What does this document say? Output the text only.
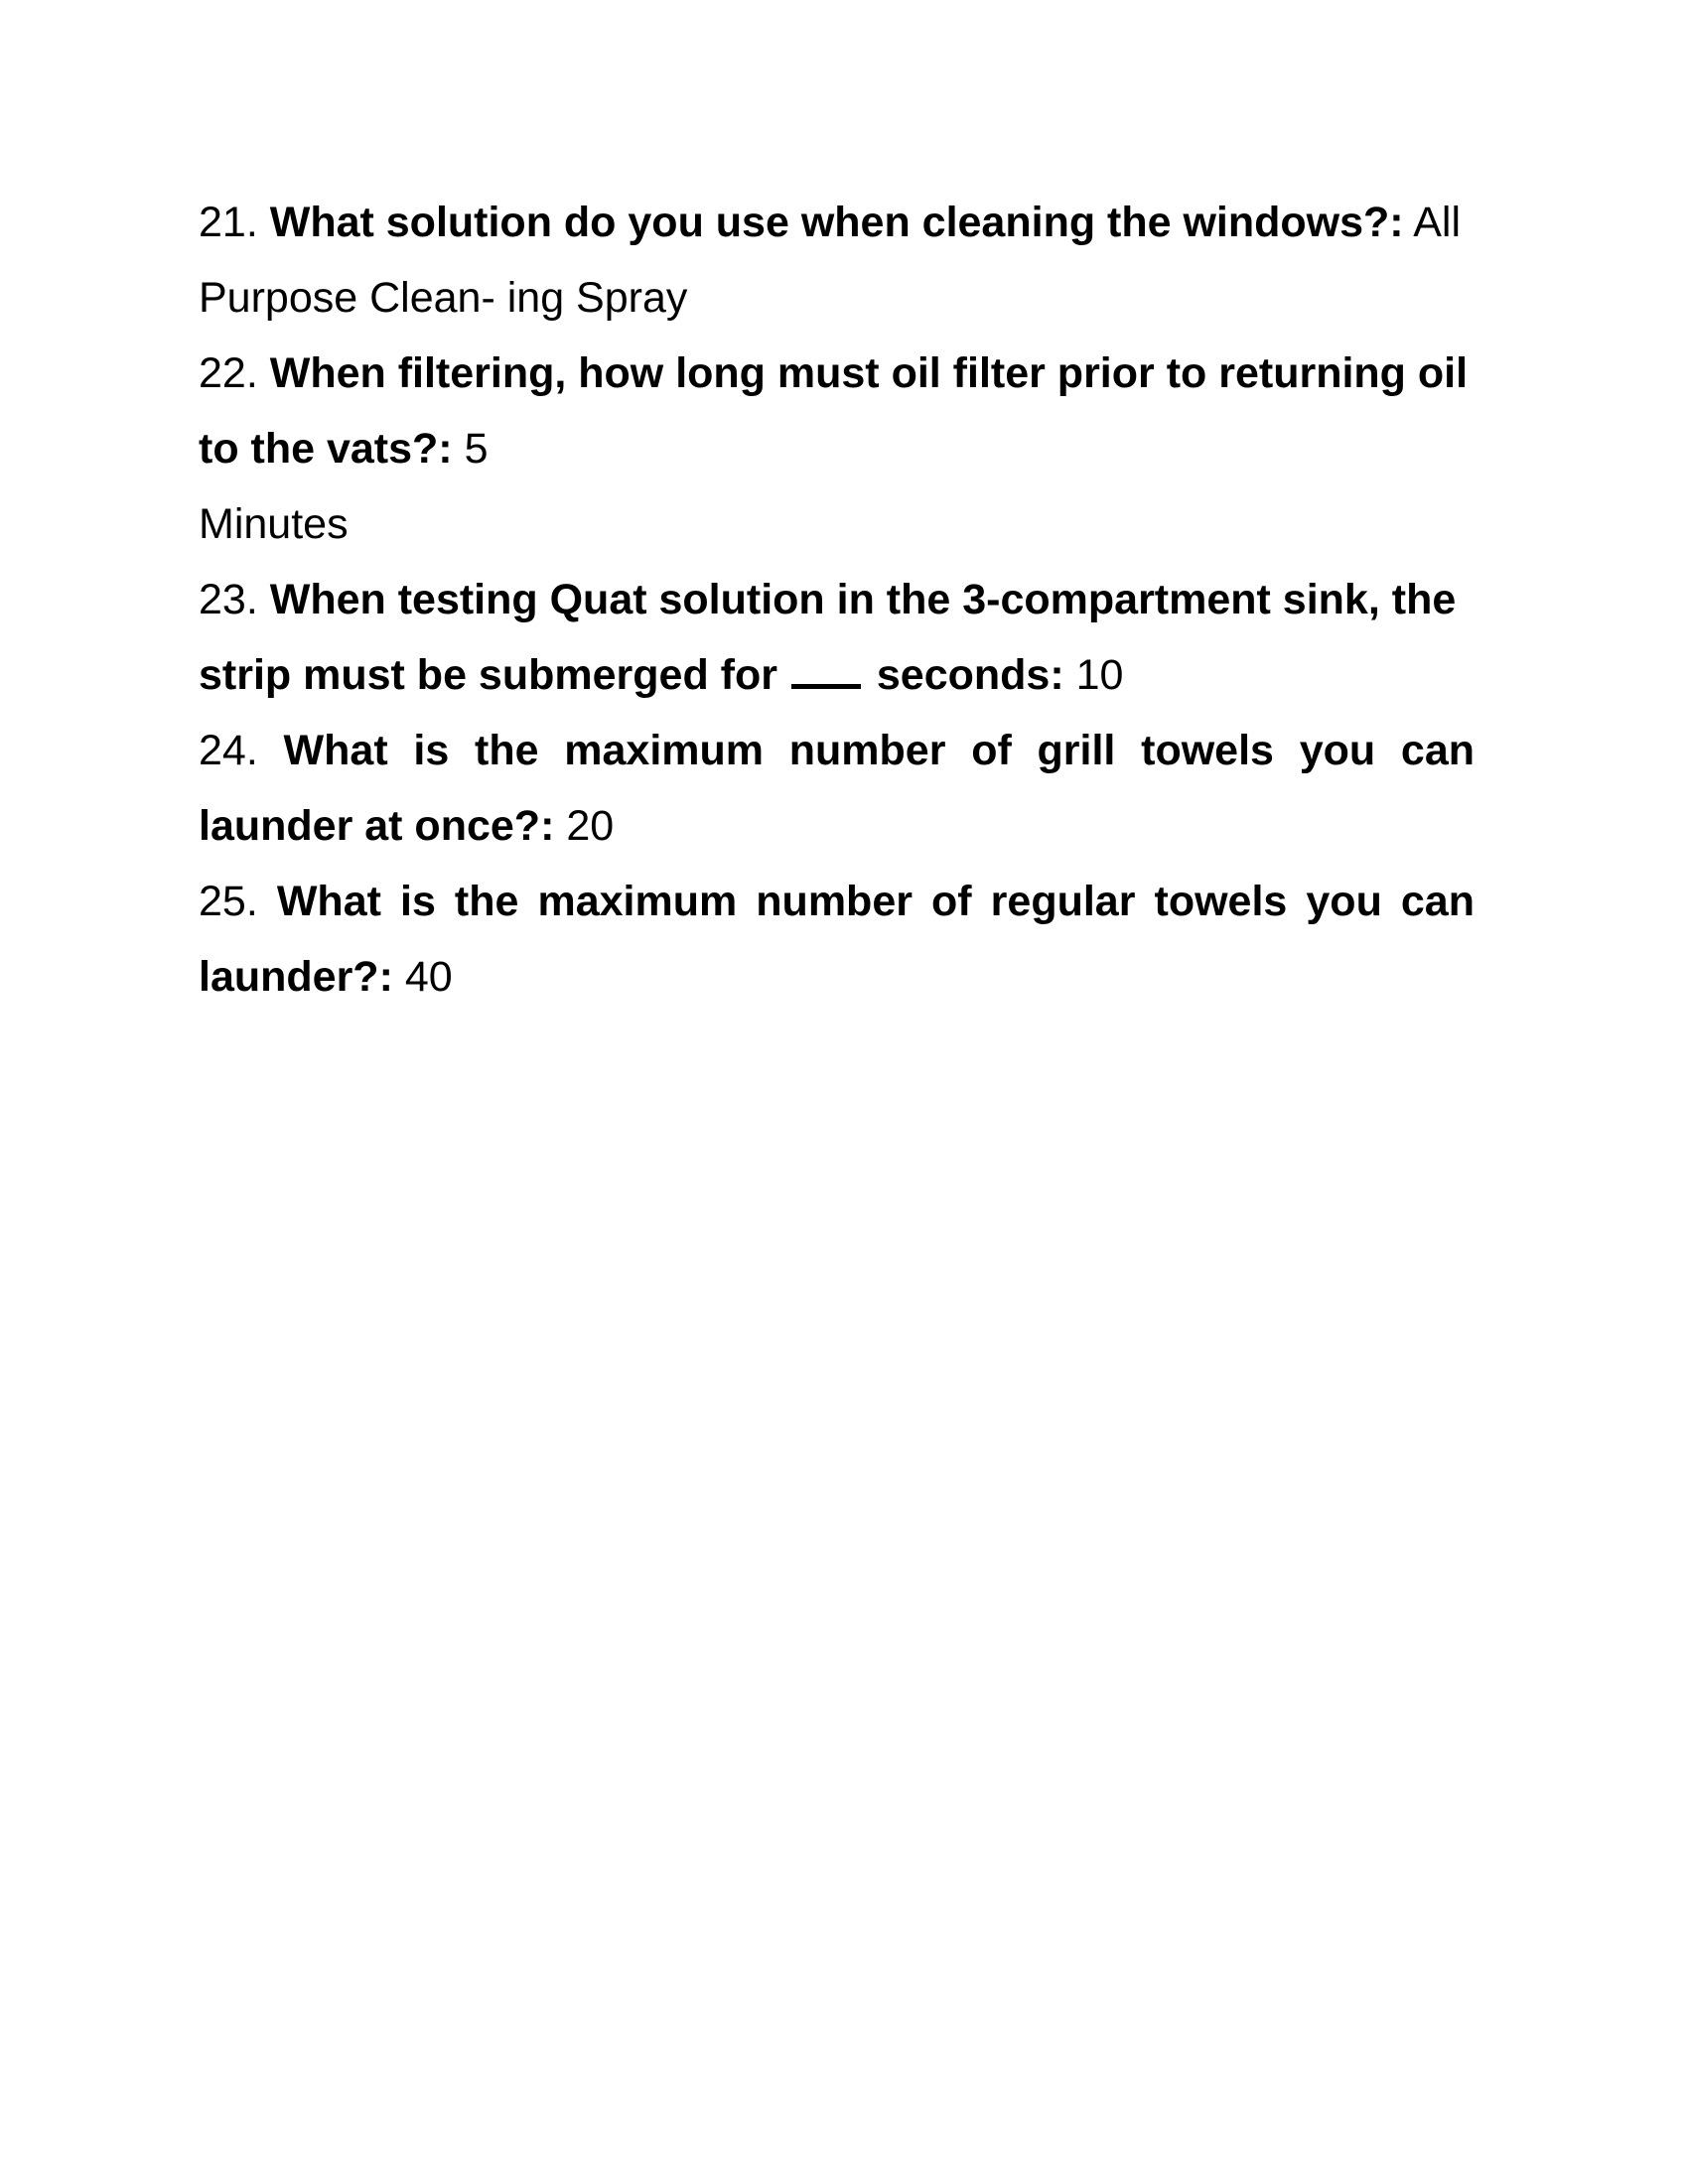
21. What solution do you use when cleaning the windows?: All Purpose Clean- ing Spray

22. When filtering, how long must oil filter prior to returning oil to the vats?: 5
Minutes

23. When testing Quat solution in the 3-compartment sink, the strip must be submerged for seconds: 10

24. What is the maximum number of grill towels you can launder at once?: 20

25. What is the maximum number of regular towels you can launder?: 40
